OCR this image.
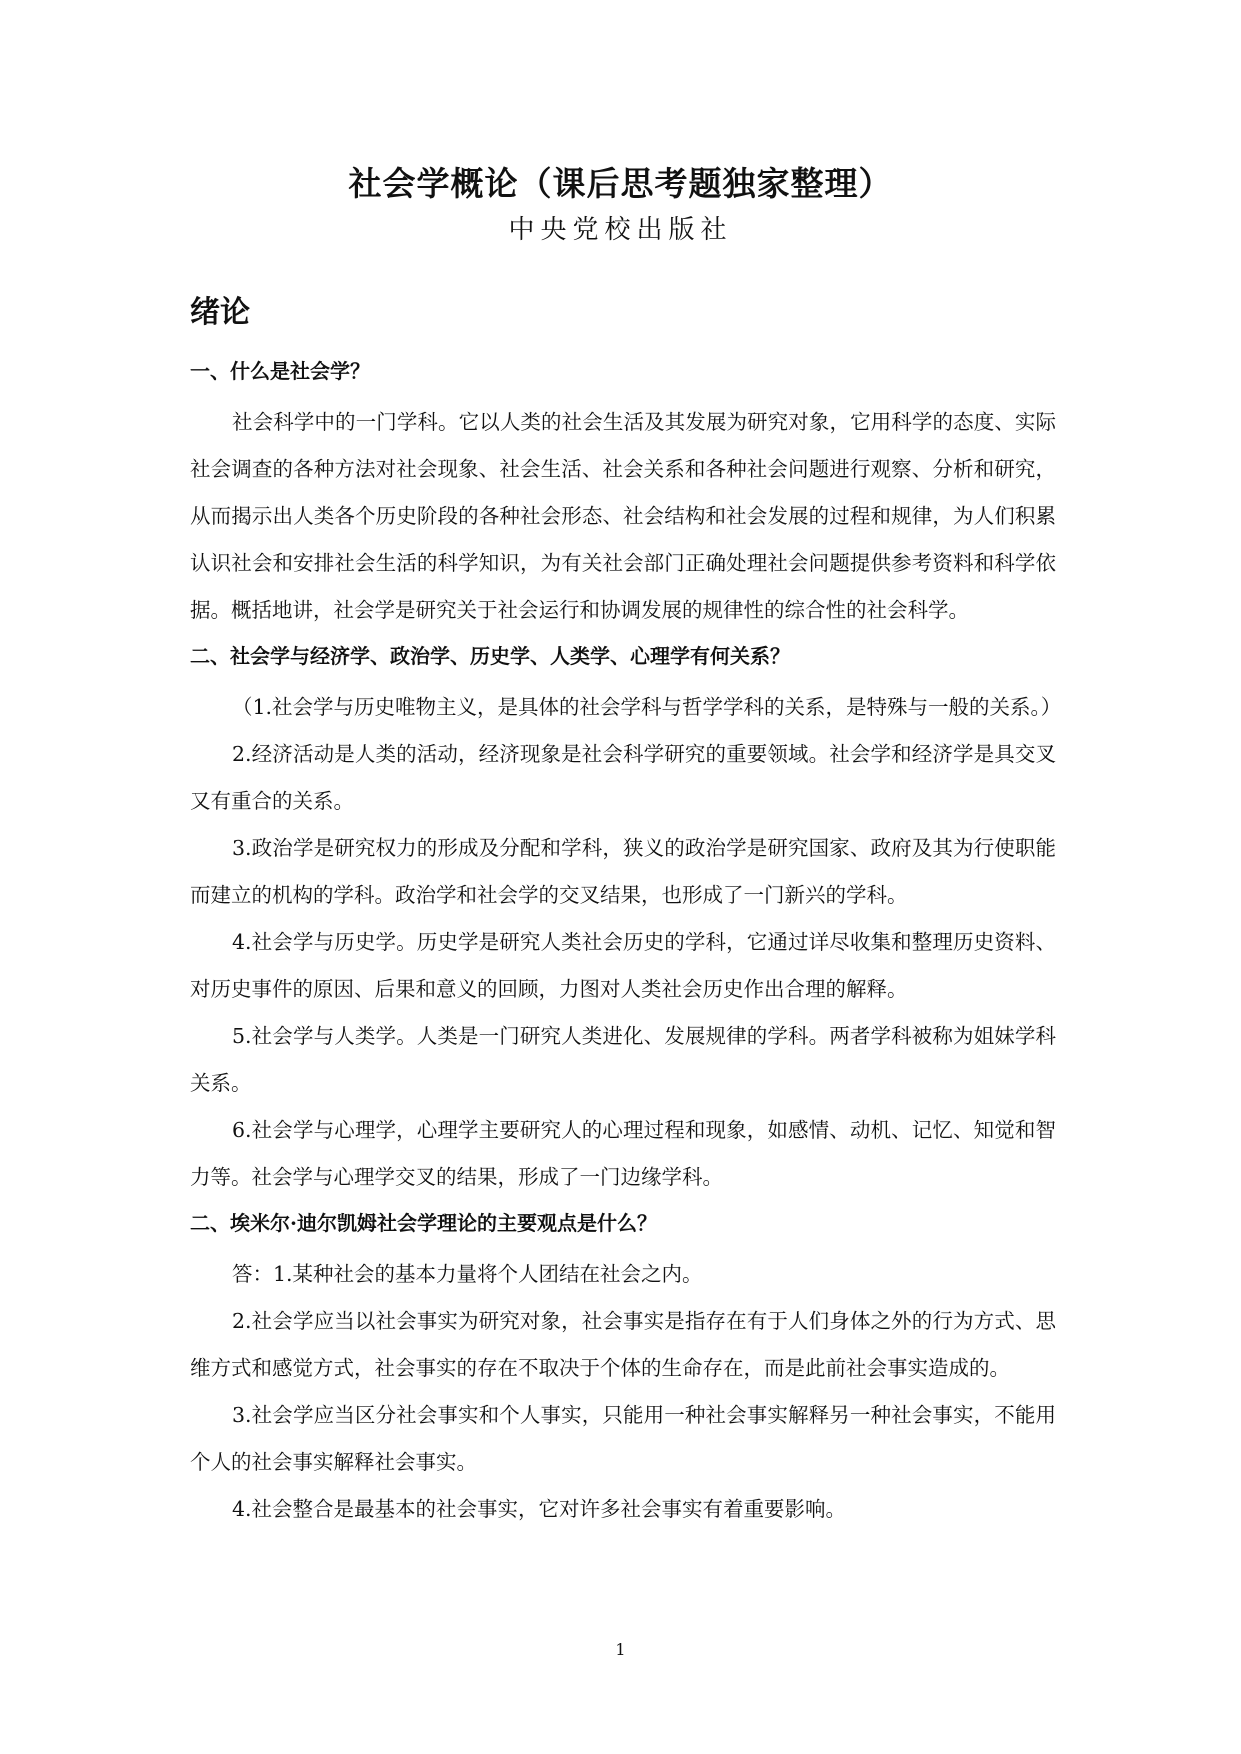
社会学概论（课后思考题独家整理）
中央党校出版社
绪论
一、什么是社会学？

社会科学中的一门学科。它以人类的社会生活及其发展为研究对象，它用科学的态度、实际社会调查的各种方法对社会现象、社会生活、社会关系和各种社会问题进行观察、分析和研究，从而揭示出人类各个历史阶段的各种社会形态、社会结构和社会发展的过程和规律，为人们积累认识社会和安排社会生活的科学知识，为有关社会部门正确处理社会问题提供参考资料和科学依据。概括地讲，社会学是研究关于社会运行和协调发展的规律性的综合性的社会科学。

二、社会学与经济学、政治学、历史学、人类学、心理学有何关系？

（1.社会学与历史唯物主义，是具体的社会学科与哲学学科的关系，是特殊与一般的关系。）

2.经济活动是人类的活动，经济现象是社会科学研究的重要领域。社会学和经济学是具交叉又有重合的关系。

3.政治学是研究权力的形成及分配和学科，狭义的政治学是研究国家、政府及其为行使职能而建立的机构的学科。政治学和社会学的交叉结果，也形成了一门新兴的学科。

4.社会学与历史学。历史学是研究人类社会历史的学科，它通过详尽收集和整理历史资料、对历史事件的原因、后果和意义的回顾，力图对人类社会历史作出合理的解释。

5.社会学与人类学。人类是一门研究人类进化、发展规律的学科。两者学科被称为姐妹学科关系。

6.社会学与心理学，心理学主要研究人的心理过程和现象，如感情、动机、记忆、知觉和智力等。社会学与心理学交叉的结果，形成了一门边缘学科。

二、埃米尔·迪尔凯姆社会学理论的主要观点是什么？

答：1.某种社会的基本力量将个人团结在社会之内。

2.社会学应当以社会事实为研究对象，社会事实是指存在有于人们身体之外的行为方式、思维方式和感觉方式，社会事实的存在不取决于个体的生命存在，而是此前社会事实造成的。

3.社会学应当区分社会事实和个人事实，只能用一种社会事实解释另一种社会事实，不能用个人的社会事实解释社会事实。

4.社会整合是最基本的社会事实，它对许多社会事实有着重要影响。

1
